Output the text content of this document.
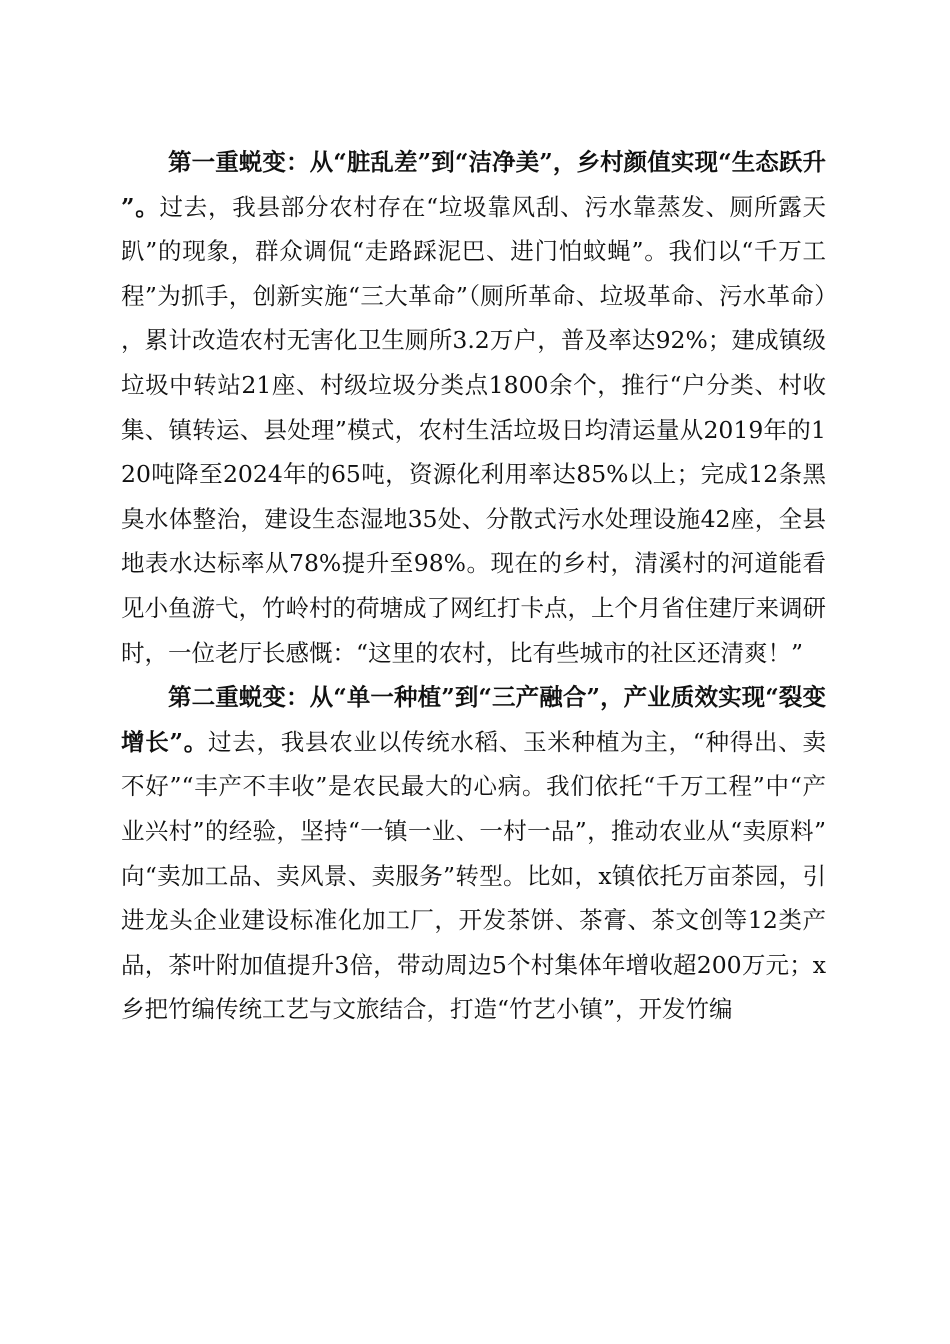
第一重蜕变：从“脏乱差”到“洁净美”，乡村颜值实现“生态跃升”。过去，我县部分农村存在“垃圾靠风刮、污水靠蒸发、厕所露天趴”的现象，群众调侃“走路踩泥巴、进门怕蚊蝇”。我们以“千万工程”为抓手，创新实施“三大革命”（厕所革命、垃圾革命、污水革命），累计改造农村无害化卫生厕所3.2万户，普及率达92%；建成镇级垃圾中转站21座、村级垃圾分类点1800余个，推行“户分类、村收集、镇转运、县处理”模式，农村生活垃圾日均清运量从2019年的120吨降至2024年的65吨，资源化利用率达85%以上；完成12条黑臭水体整治，建设生态湿地35处、分散式污水处理设施42座，全县地表水达标率从78%提升至98%。现在的乡村，清溪村的河道能看见小鱼游弋，竹岭村的荷塘成了网红打卡点，上个月省住建厅来调研时，一位老厅长感慨：“这里的农村，比有些城市的社区还清爽！”

第二重蜕变：从“单一种植”到“三产融合”，产业质效实现“裂变增长”。过去，我县农业以传统水稻、玉米种植为主，“种得出、卖不好”“丰产不丰收”是农民最大的心病。我们依托“千万工程”中“产业兴村”的经验，坚持“一镇一业、一村一品”，推动农业从“卖原料”向“卖加工品、卖风景、卖服务”转型。比如，x镇依托万亩茶园，引进龙头企业建设标准化加工厂，开发茶饼、茶膏、茶文创等12类产品，茶叶附加值提升3倍，带动周边5个村集体年增收超200万元；x乡把竹编传统工艺与文旅结合，打造“竹艺小镇”，开发竹编
